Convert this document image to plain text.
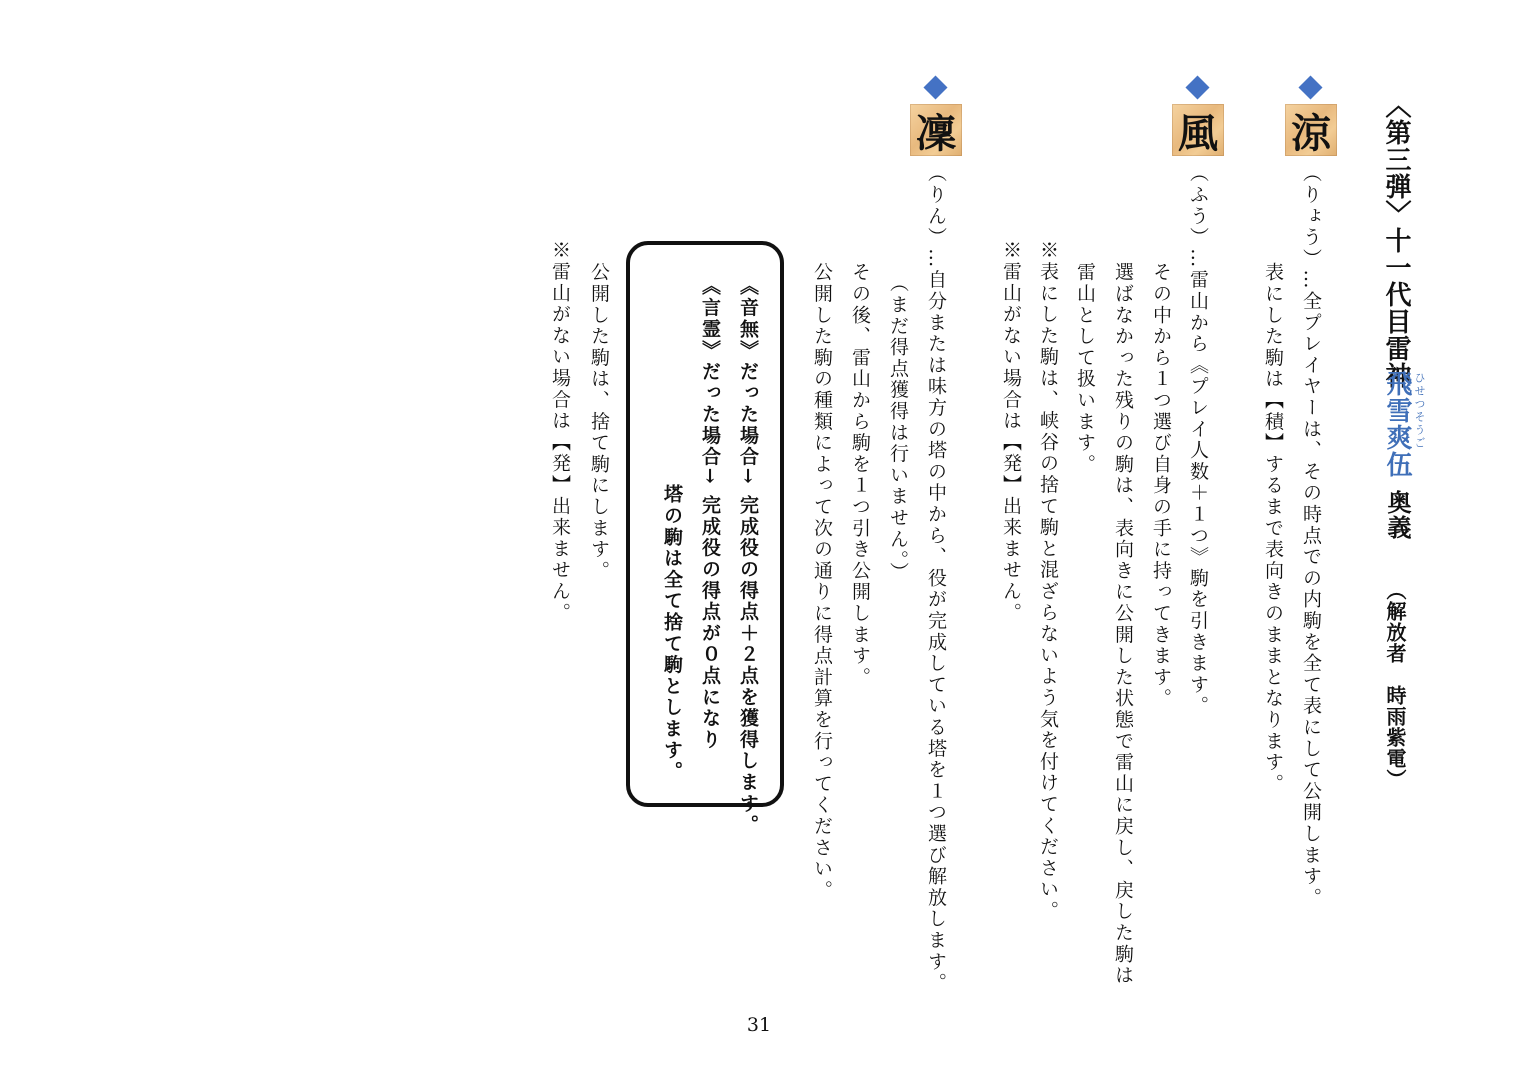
〈第三弾〉十一代目雷神
飛雪爽伍 ひせつそうご
奥義
（解放者　時雨紫電）
涼
（りょう）…全プレイヤーは、その時点での内駒を全て表にして公開します。
表にした駒は【積】するまで表向きのままとなります。
風
（ふう）…雷山から《プレイ人数＋１つ》駒を引きます。
その中から１つ選び自身の手に持ってきます。
選ばなかった残りの駒は、表向きに公開した状態で雷山に戻し、戻した駒は
雷山として扱います。
※表にした駒は、峡谷の捨て駒と混ざらないよう気を付けてください。
※雷山がない場合は【発】出来ません。
凜
（りん）…自分または味方の塔の中から、役が完成している塔を１つ選び解放します。
（まだ得点獲得は行いません。）
その後、雷山から駒を１つ引き公開します。
公開した駒の種類によって次の通りに得点計算を行ってください。
《音無》だった場合→ 完成役の得点＋２点を獲得します。
《言霊》だった場合→ 完成役の得点が０点になり
塔の駒は全て捨て駒とします。
公開した駒は、捨て駒にします。
※雷山がない場合は【発】出来ません。
31
